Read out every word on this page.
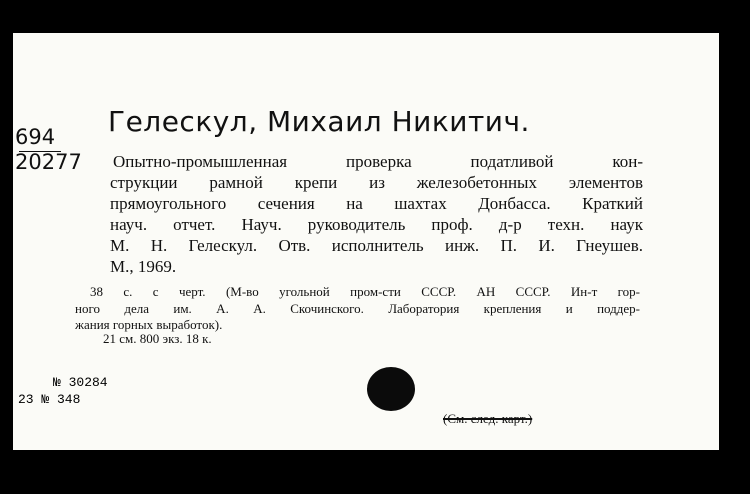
Гелескул, Михаил Никитич.
694
20277 Опытно-промышленная проверка податливой кон-
струкции рамной крепи из железобетонных элементов
прямоугольного сечения на шахтах Донбасса. Краткий
науч. отчет. Науч. руководитель проф. д-р техн. наук
М. Н. Гелескул. Отв. исполнитель инж. П. И. Гнеушев.
М., 1969.
38 с. с черт. (М-во угольной пром-сти СССР. АН СССР. Ин-т гор-
ного дела им. А. А. Скочинского. Лаборатория крепления и поддер-
жания горных выработок).
21 см. 800 экз. 18 к.
№ 30284
23 № 348
(См. след. карт.)
